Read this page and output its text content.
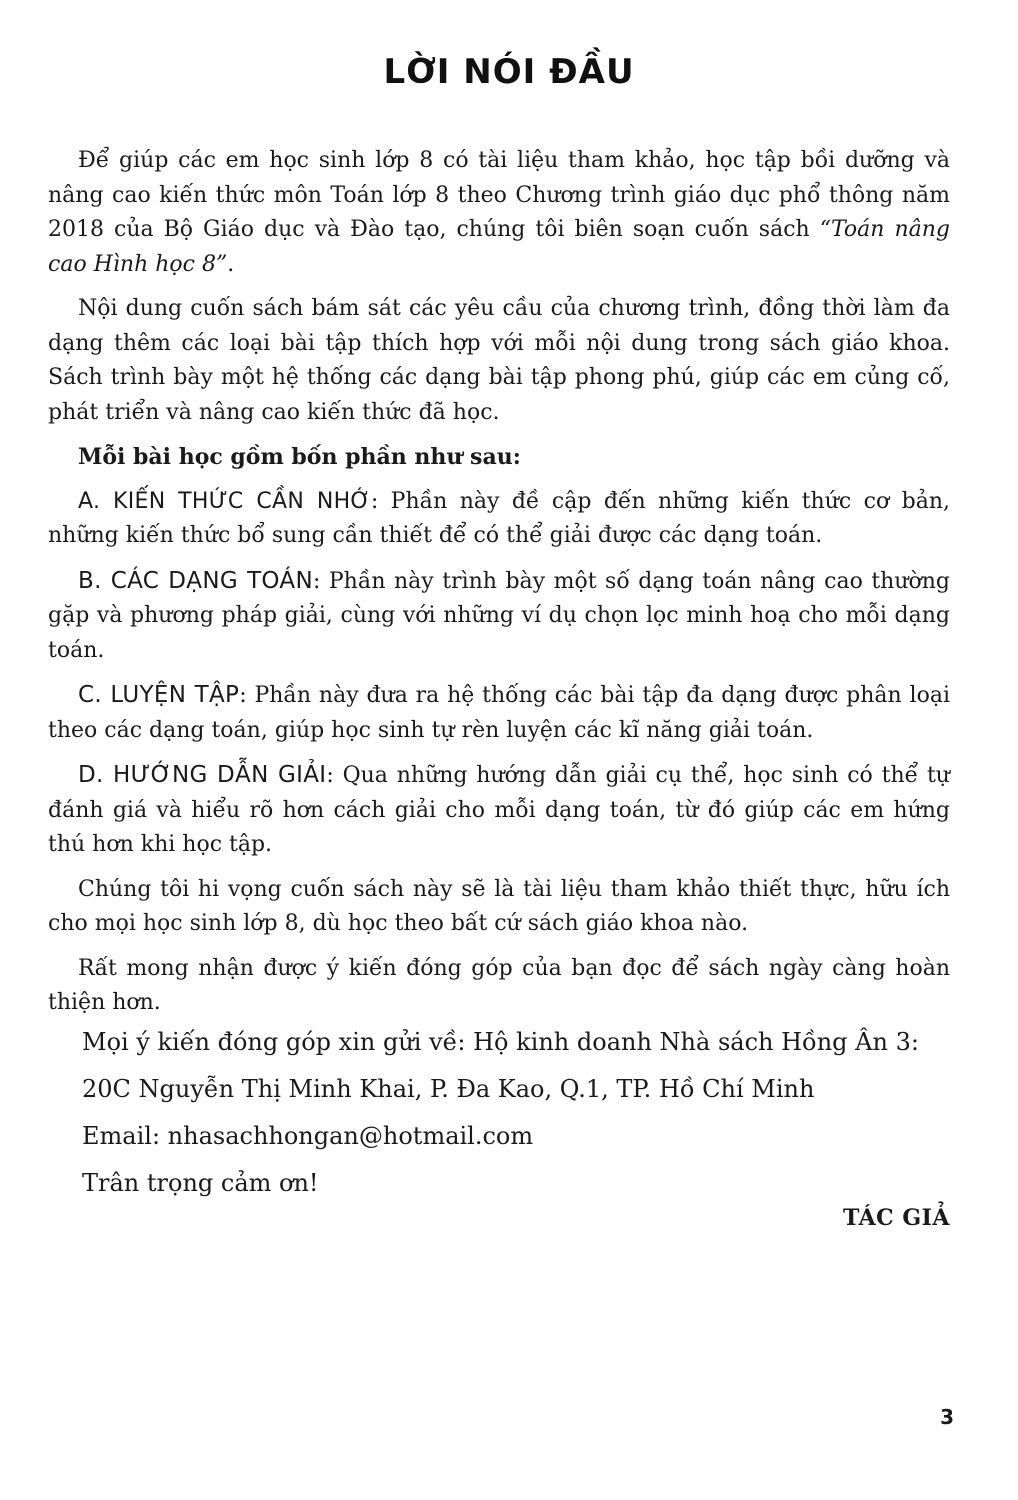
LỜI NÓI ĐẦU

Để giúp các em học sinh lớp 8 có tài liệu tham khảo, học tập bồi dưỡng và nâng cao kiến thức môn Toán lớp 8 theo Chương trình giáo dục phổ thông năm 2018 của Bộ Giáo dục và Đào tạo, chúng tôi biên soạn cuốn sách “Toán nâng cao Hình học 8”.

Nội dung cuốn sách bám sát các yêu cầu của chương trình, đồng thời làm đa dạng thêm các loại bài tập thích hợp với mỗi nội dung trong sách giáo khoa. Sách trình bày một hệ thống các dạng bài tập phong phú, giúp các em củng cố, phát triển và nâng cao kiến thức đã học.

Mỗi bài học gồm bốn phần như sau:

A. KIẾN THỨC CẦN NHỚ: Phần này đề cập đến những kiến thức cơ bản, những kiến thức bổ sung cần thiết để có thể giải được các dạng toán.

B. CÁC DẠNG TOÁN: Phần này trình bày một số dạng toán nâng cao thường gặp và phương pháp giải, cùng với những ví dụ chọn lọc minh hoạ cho mỗi dạng toán.

C. LUYỆN TẬP: Phần này đưa ra hệ thống các bài tập đa dạng được phân loại theo các dạng toán, giúp học sinh tự rèn luyện các kĩ năng giải toán.

D. HƯỚNG DẪN GIẢI: Qua những hướng dẫn giải cụ thể, học sinh có thể tự đánh giá và hiểu rõ hơn cách giải cho mỗi dạng toán, từ đó giúp các em hứng thú hơn khi học tập.

Chúng tôi hi vọng cuốn sách này sẽ là tài liệu tham khảo thiết thực, hữu ích cho mọi học sinh lớp 8, dù học theo bất cứ sách giáo khoa nào.

Rất mong nhận được ý kiến đóng góp của bạn đọc để sách ngày càng hoàn thiện hơn.

Mọi ý kiến đóng góp xin gửi về: Hộ kinh doanh Nhà sách Hồng Ân 3:
20C Nguyễn Thị Minh Khai, P. Đa Kao, Q.1, TP. Hồ Chí Minh
Email: nhasachhongan@hotmail.com
Trân trọng cảm ơn!
TÁC GIẢ
3
